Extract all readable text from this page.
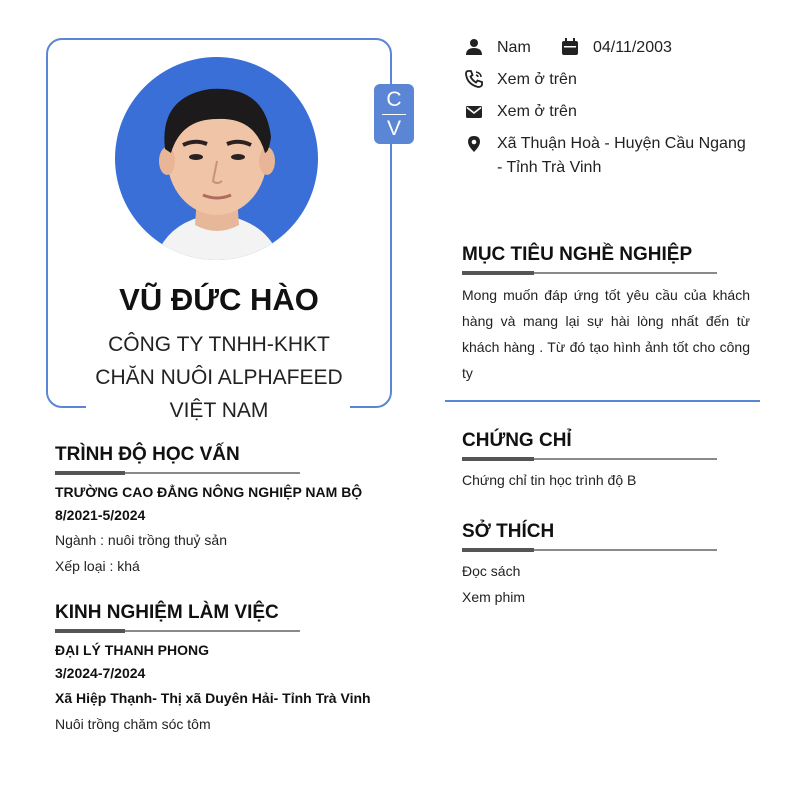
C
V
VŨ ĐỨC HÀO
CÔNG TY TNHH-KHKT
CHĂN NUÔI ALPHAFEED
VIỆT NAM
TRÌNH ĐỘ HỌC VẤN
TRƯỜNG CAO ĐẲNG NÔNG NGHIỆP NAM BỘ
8/2021-5/2024
Ngành : nuôi trồng thuỷ sản
Xếp loại : khá
KINH NGHIỆM LÀM VIỆC
ĐẠI LÝ THANH PHONG
3/2024-7/2024
Xã Hiệp Thạnh- Thị xã Duyên Hải- Tỉnh Trà Vinh
Nuôi trồng chăm sóc tôm
Nam	04/11/2003
Xem ở trên
Xem ở trên
Xã Thuận Hoà - Huyện Cầu Ngang
- Tỉnh Trà Vinh
MỤC TIÊU NGHỀ NGHIỆP
Mong muốn đáp ứng tốt yêu cầu của khách hàng và mang lại sự hài lòng nhất đến từ khách hàng . Từ đó tạo hình ảnh tốt cho công ty
CHỨNG CHỈ
Chứng chỉ tin học trình độ B
SỞ THÍCH
Đọc sách
Xem phim
